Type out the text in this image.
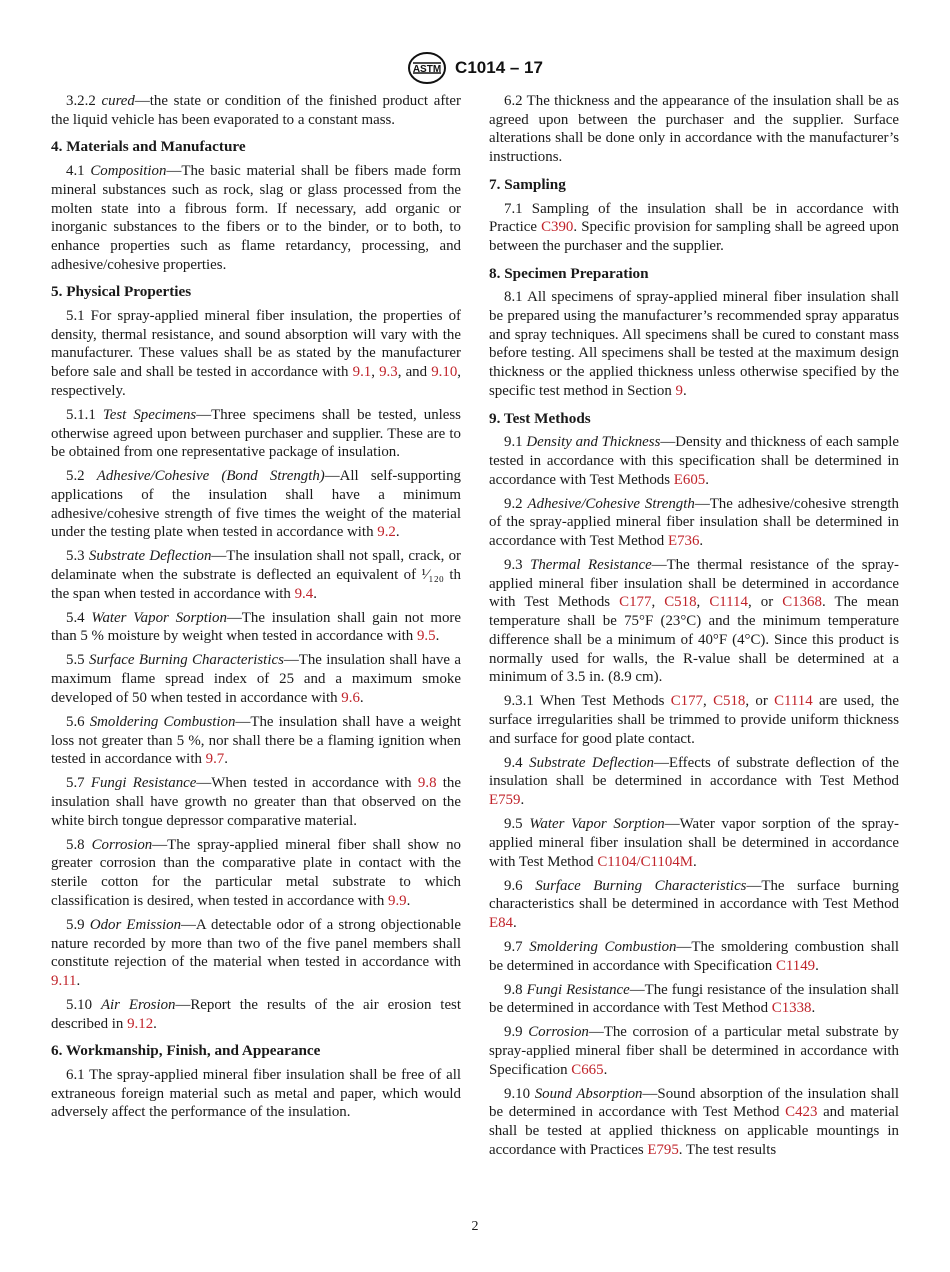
ASTM C1014 – 17

3.2.2 cured—the state or condition of the finished product after the liquid vehicle has been evaporated to a constant mass.

4. Materials and Manufacture

4.1 Composition—The basic material shall be fibers made form mineral substances such as rock, slag or glass processed from the molten state into a fibrous form. If necessary, add organic or inorganic substances to the fibers or to the binder, or to both, to enhance properties such as flame retardancy, processing, and adhesive/cohesive properties.

5. Physical Properties

5.1 For spray-applied mineral fiber insulation, the properties of density, thermal resistance, and sound absorption will vary with the manufacturer. These values shall be as stated by the manufacturer before sale and shall be tested in accordance with 9.1, 9.3, and 9.10, respectively.

5.1.1 Test Specimens—Three specimens shall be tested, unless otherwise agreed upon between purchaser and supplier. These are to be obtained from one representative package of insulation.

5.2 Adhesive/Cohesive (Bond Strength)—All self-supporting applications of the insulation shall have a minimum adhesive/cohesive strength of five times the weight of the material under the testing plate when tested in accordance with 9.2.

5.3 Substrate Deflection—The insulation shall not spall, crack, or delaminate when the substrate is deflected an equivalent of ¹⁄₁₂₀ th the span when tested in accordance with 9.4.

5.4 Water Vapor Sorption—The insulation shall gain not more than 5 % moisture by weight when tested in accordance with 9.5.

5.5 Surface Burning Characteristics—The insulation shall have a maximum flame spread index of 25 and a maximum smoke developed of 50 when tested in accordance with 9.6.

5.6 Smoldering Combustion—The insulation shall have a weight loss not greater than 5 %, nor shall there be a flaming ignition when tested in accordance with 9.7.

5.7 Fungi Resistance—When tested in accordance with 9.8 the insulation shall have growth no greater than that observed on the white birch tongue depressor comparative material.

5.8 Corrosion—The spray-applied mineral fiber shall show no greater corrosion than the comparative plate in contact with the sterile cotton for the particular metal substrate to which classification is desired, when tested in accordance with 9.9.

5.9 Odor Emission—A detectable odor of a strong objectionable nature recorded by more than two of the five panel members shall constitute rejection of the material when tested in accordance with 9.11.

5.10 Air Erosion—Report the results of the air erosion test described in 9.12.

6. Workmanship, Finish, and Appearance

6.1 The spray-applied mineral fiber insulation shall be free of all extraneous foreign material such as metal and paper, which would adversely affect the performance of the insulation.

6.2 The thickness and the appearance of the insulation shall be as agreed upon between the purchaser and the supplier. Surface alterations shall be done only in accordance with the manufacturer’s instructions.

7. Sampling

7.1 Sampling of the insulation shall be in accordance with Practice C390. Specific provision for sampling shall be agreed upon between the purchaser and the supplier.

8. Specimen Preparation

8.1 All specimens of spray-applied mineral fiber insulation shall be prepared using the manufacturer’s recommended spray apparatus and spray techniques. All specimens shall be cured to constant mass before testing. All specimens shall be tested at the maximum design thickness or the applied thickness unless otherwise specified by the specific test method in Section 9.

9. Test Methods

9.1 Density and Thickness—Density and thickness of each sample tested in accordance with this specification shall be determined in accordance with Test Methods E605.

9.2 Adhesive/Cohesive Strength—The adhesive/cohesive strength of the spray-applied mineral fiber insulation shall be determined in accordance with Test Method E736.

9.3 Thermal Resistance—The thermal resistance of the spray-applied mineral fiber insulation shall be determined in accordance with Test Methods C177, C518, C1114, or C1368. The mean temperature shall be 75°F (23°C) and the minimum temperature difference shall be a minimum of 40°F (4°C). Since this product is normally used for walls, the R-value shall be determined at a minimum of 3.5 in. (8.9 cm).

9.3.1 When Test Methods C177, C518, or C1114 are used, the surface irregularities shall be trimmed to provide uniform thickness and surface for good plate contact.

9.4 Substrate Deflection—Effects of substrate deflection of the insulation shall be determined in accordance with Test Method E759.

9.5 Water Vapor Sorption—Water vapor sorption of the spray-applied mineral fiber insulation shall be determined in accordance with Test Method C1104/C1104M.

9.6 Surface Burning Characteristics—The surface burning characteristics shall be determined in accordance with Test Method E84.

9.7 Smoldering Combustion—The smoldering combustion shall be determined in accordance with Specification C1149.

9.8 Fungi Resistance—The fungi resistance of the insulation shall be determined in accordance with Test Method C1338.

9.9 Corrosion—The corrosion of a particular metal substrate by spray-applied mineral fiber shall be determined in accordance with Specification C665.

9.10 Sound Absorption—Sound absorption of the insulation shall be determined in accordance with Test Method C423 and material shall be tested at applied thickness on applicable mountings in accordance with Practices E795. The test results

2
